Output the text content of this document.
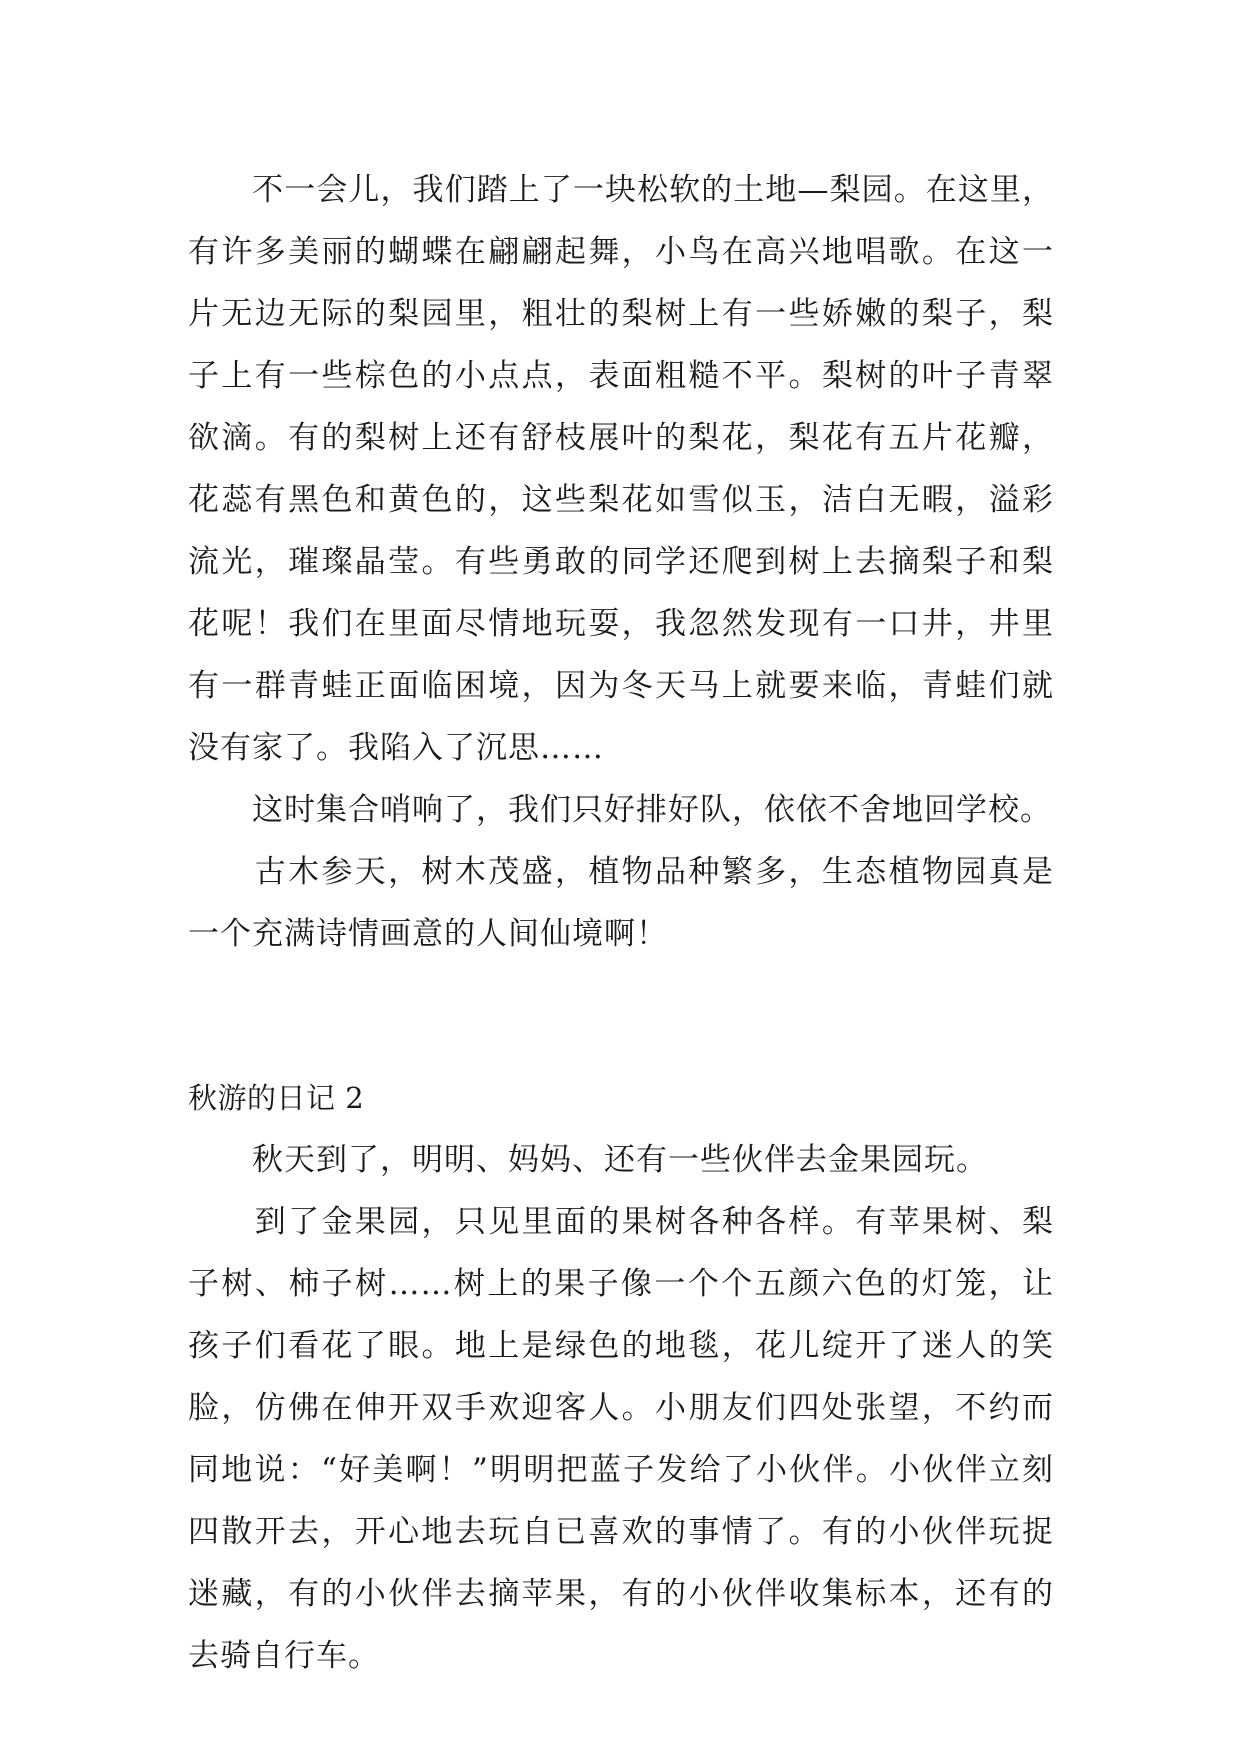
　　不一会儿，我们踏上了一块松软的土地—梨园。在这里，
有许多美丽的蝴蝶在翩翩起舞，小鸟在高兴地唱歌。在这一
片无边无际的梨园里，粗壮的梨树上有一些娇嫩的梨子，梨
子上有一些棕色的小点点，表面粗糙不平。梨树的叶子青翠
欲滴。有的梨树上还有舒枝展叶的梨花，梨花有五片花瓣，
花蕊有黑色和黄色的，这些梨花如雪似玉，洁白无暇，溢彩
流光，璀璨晶莹。有些勇敢的同学还爬到树上去摘梨子和梨
花呢！我们在里面尽情地玩耍，我忽然发现有一口井，井里
有一群青蛙正面临困境，因为冬天马上就要来临，青蛙们就
没有家了。我陷入了沉思……
　　这时集合哨响了，我们只好排好队，依依不舍地回学校。
　　古木参天，树木茂盛，植物品种繁多，生态植物园真是
一个充满诗情画意的人间仙境啊！
秋游的日记 2
　　秋天到了，明明、妈妈、还有一些伙伴去金果园玩。
　　到了金果园，只见里面的果树各种各样。有苹果树、梨
子树、柿子树……树上的果子像一个个五颜六色的灯笼，让
孩子们看花了眼。地上是绿色的地毯，花儿绽开了迷人的笑
脸，仿佛在伸开双手欢迎客人。小朋友们四处张望，不约而
同地说：“好美啊！”明明把蓝子发给了小伙伴。小伙伴立刻
四散开去，开心地去玩自已喜欢的事情了。有的小伙伴玩捉
迷藏，有的小伙伴去摘苹果，有的小伙伴收集标本，还有的
去骑自行车。
